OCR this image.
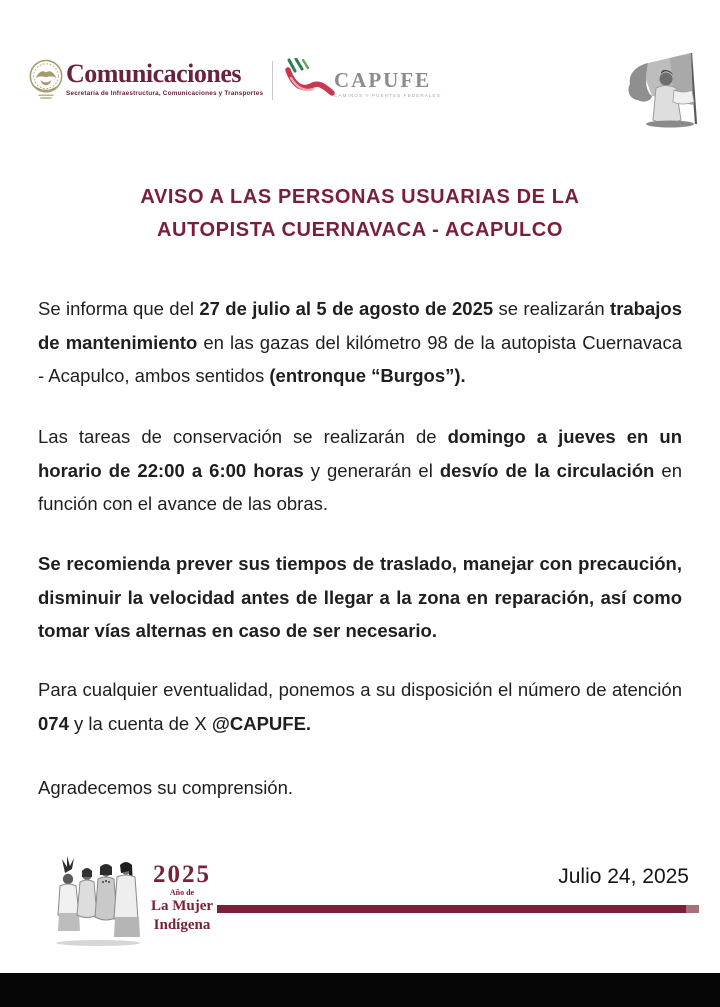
Comunicaciones
Secretaría de Infraestructura, Comunicaciones y Transportes
CAPUFE
CAMINOS Y PUENTES FEDERALES
AVISO A LAS PERSONAS USUARIAS DE LA
AUTOPISTA CUERNAVACA - ACAPULCO

Se informa que del 27 de julio al 5 de agosto de 2025 se realizarán trabajos de mantenimiento en las gazas del kilómetro 98 de la autopista Cuernavaca - Acapulco, ambos sentidos (entronque “Burgos”).

Las tareas de conservación se realizarán de domingo a jueves en un horario de 22:00 a 6:00 horas y generarán el desvío de la circulación en función con el avance de las obras.

Se recomienda prever sus tiempos de traslado, manejar con precaución, disminuir la velocidad antes de llegar a la zona en reparación, así como tomar vías alternas en caso de ser necesario.

Para cualquier eventualidad, ponemos a su disposición el número de atención 074 y la cuenta de X @CAPUFE.

Agradecemos su comprensión.

2025
Año de
La Mujer
Indígena
Julio 24, 2025
